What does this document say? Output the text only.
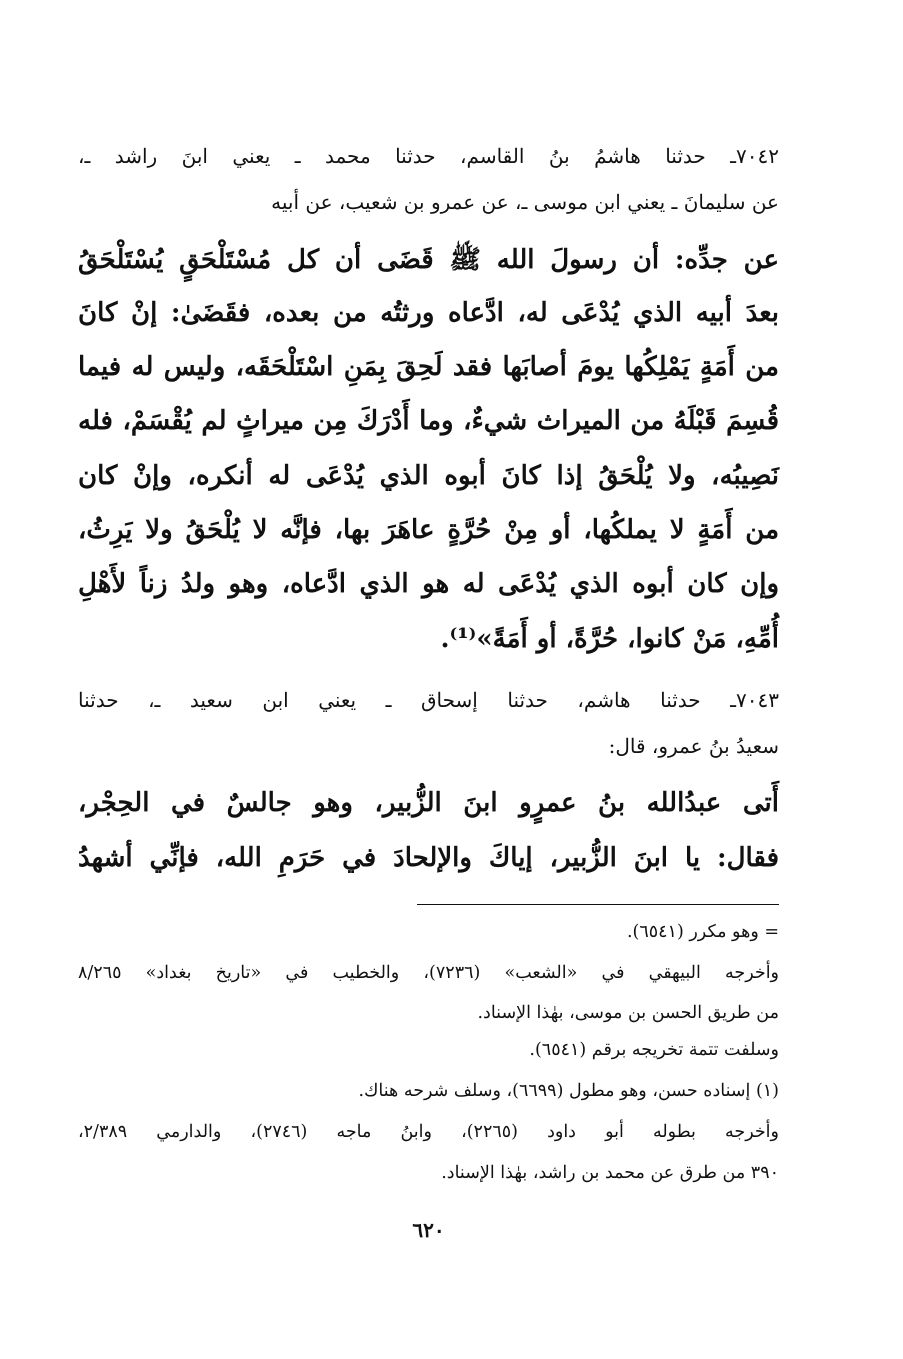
٧٠٤٢ـ حدثنا هاشمُ بنُ القاسم، حدثنا محمد ـ يعني ابنَ راشد ـ،
عن سليمانَ ـ يعني ابن موسى ـ، عن عمرو بن شعيب، عن أبيه
عن جدِّه: أن رسولَ الله ﷺ قَضَى أن كل مُسْتَلْحَقٍ يُسْتَلْحَقُ
بعدَ أبيه الذي يُدْعَى له، ادَّعاه ورثتُه من بعده، فقَضَىٰ: إنْ كانَ
من أَمَةٍ يَمْلِكُها يومَ أصابَها فقد لَحِقَ بِمَنِ اسْتَلْحَقَه، وليس له فيما
قُسِمَ قَبْلَهُ من الميراث شيءٌ، وما أَدْرَكَ مِن ميراثٍ لم يُقْسَمْ، فله
نَصِيبُه، ولا يُلْحَقُ إذا كانَ أبوه الذي يُدْعَى له أنكره، وإنْ كان
من أَمَةٍ لا يملكُها، أو مِنْ حُرَّةٍ عاهَرَ بها، فإنَّه لا يُلْحَقُ ولا يَرِثُ،
وإن كان أبوه الذي يُدْعَى له هو الذي ادَّعاه، وهو ولدُ زناً لأَهْلِ
أُمِّهِ، مَنْ كانوا، حُرَّةً، أو أَمَةً»⁽¹⁾.
٧٠٤٣ـ حدثنا هاشم، حدثنا إسحاق ـ يعني ابن سعيد ـ، حدثنا
سعيدُ بنُ عمرو، قال:
أَتى عبدُالله بنُ عمرٍو ابنَ الزُّبير، وهو جالسٌ في الحِجْر،
فقال: يا ابنَ الزُّبير، إياكَ والإلحادَ في حَرَمِ الله، فإنِّي أشهدُ
= وهو مكرر (٦٥٤١).
وأخرجه البيهقي في «الشعب» (٧٢٣٦)، والخطيب في «تاريخ بغداد» ٨/٢٦٥
من طريق الحسن بن موسى، بهٰذا الإسناد.
وسلفت تتمة تخريجه برقم (٦٥٤١).
(١) إسناده حسن، وهو مطول (٦٦٩٩)، وسلف شرحه هناك.
وأخرجه بطوله أبو داود (٢٢٦٥)، وابنُ ماجه (٢٧٤٦)، والدارمي ٢/٣٨٩،
٣٩٠ من طرق عن محمد بن راشد، بهٰذا الإسناد.
٦٢٠
